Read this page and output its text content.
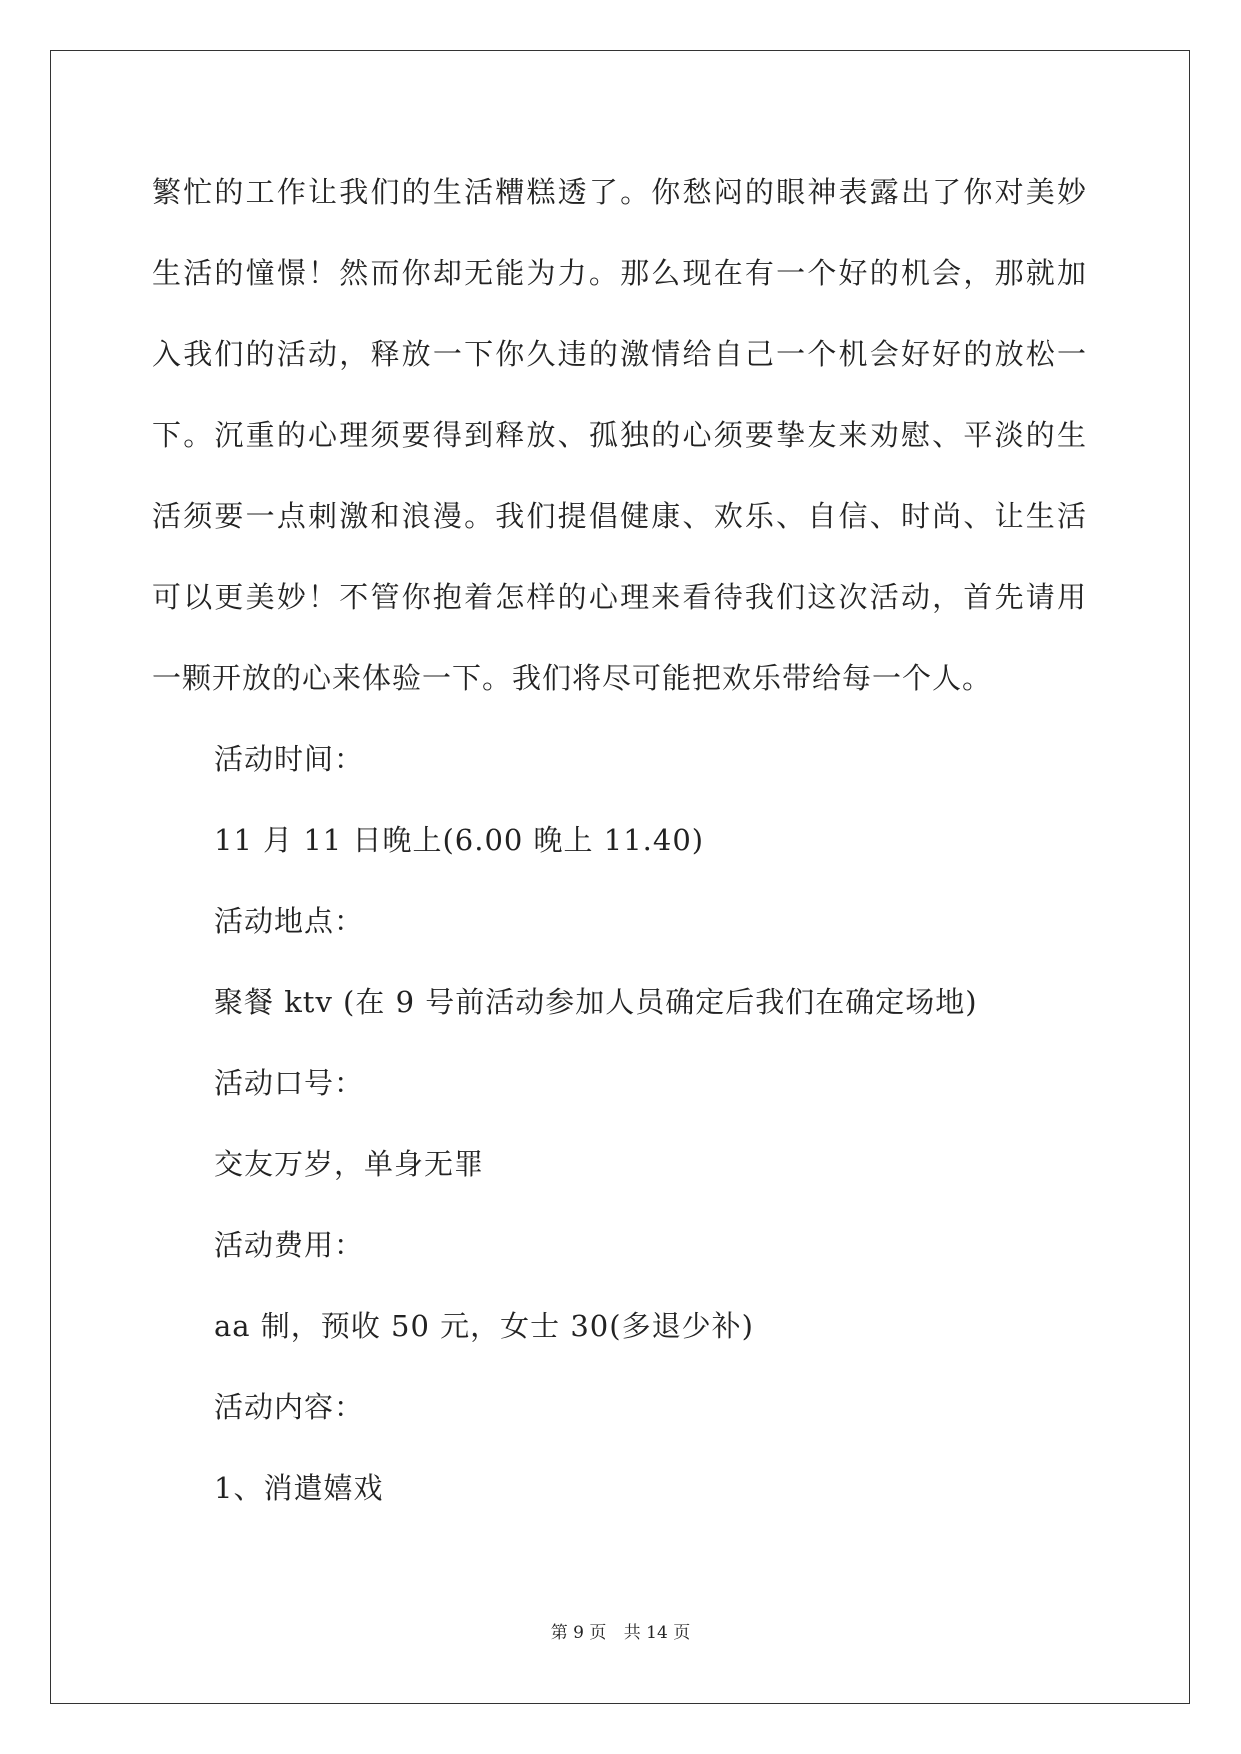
繁忙的工作让我们的生活糟糕透了。你愁闷的眼神表露出了你对美妙
生活的憧憬！然而你却无能为力。那么现在有一个好的机会，那就加
入我们的活动，释放一下你久违的激情给自己一个机会好好的放松一
下。沉重的心理须要得到释放、孤独的心须要挚友来劝慰、平淡的生
活须要一点刺激和浪漫。我们提倡健康、欢乐、自信、时尚、让生活
可以更美妙！不管你抱着怎样的心理来看待我们这次活动，首先请用
一颗开放的心来体验一下。我们将尽可能把欢乐带给每一个人。
活动时间：
11 月 11 日晚上(6.00 晚上 11.40)
活动地点：
聚餐 ktv (在 9 号前活动参加人员确定后我们在确定场地)
活动口号：
交友万岁，单身无罪
活动费用：
aa 制，预收 50 元，女士 30(多退少补)
活动内容：
1、消遣嬉戏
第 9 页 共 14 页
